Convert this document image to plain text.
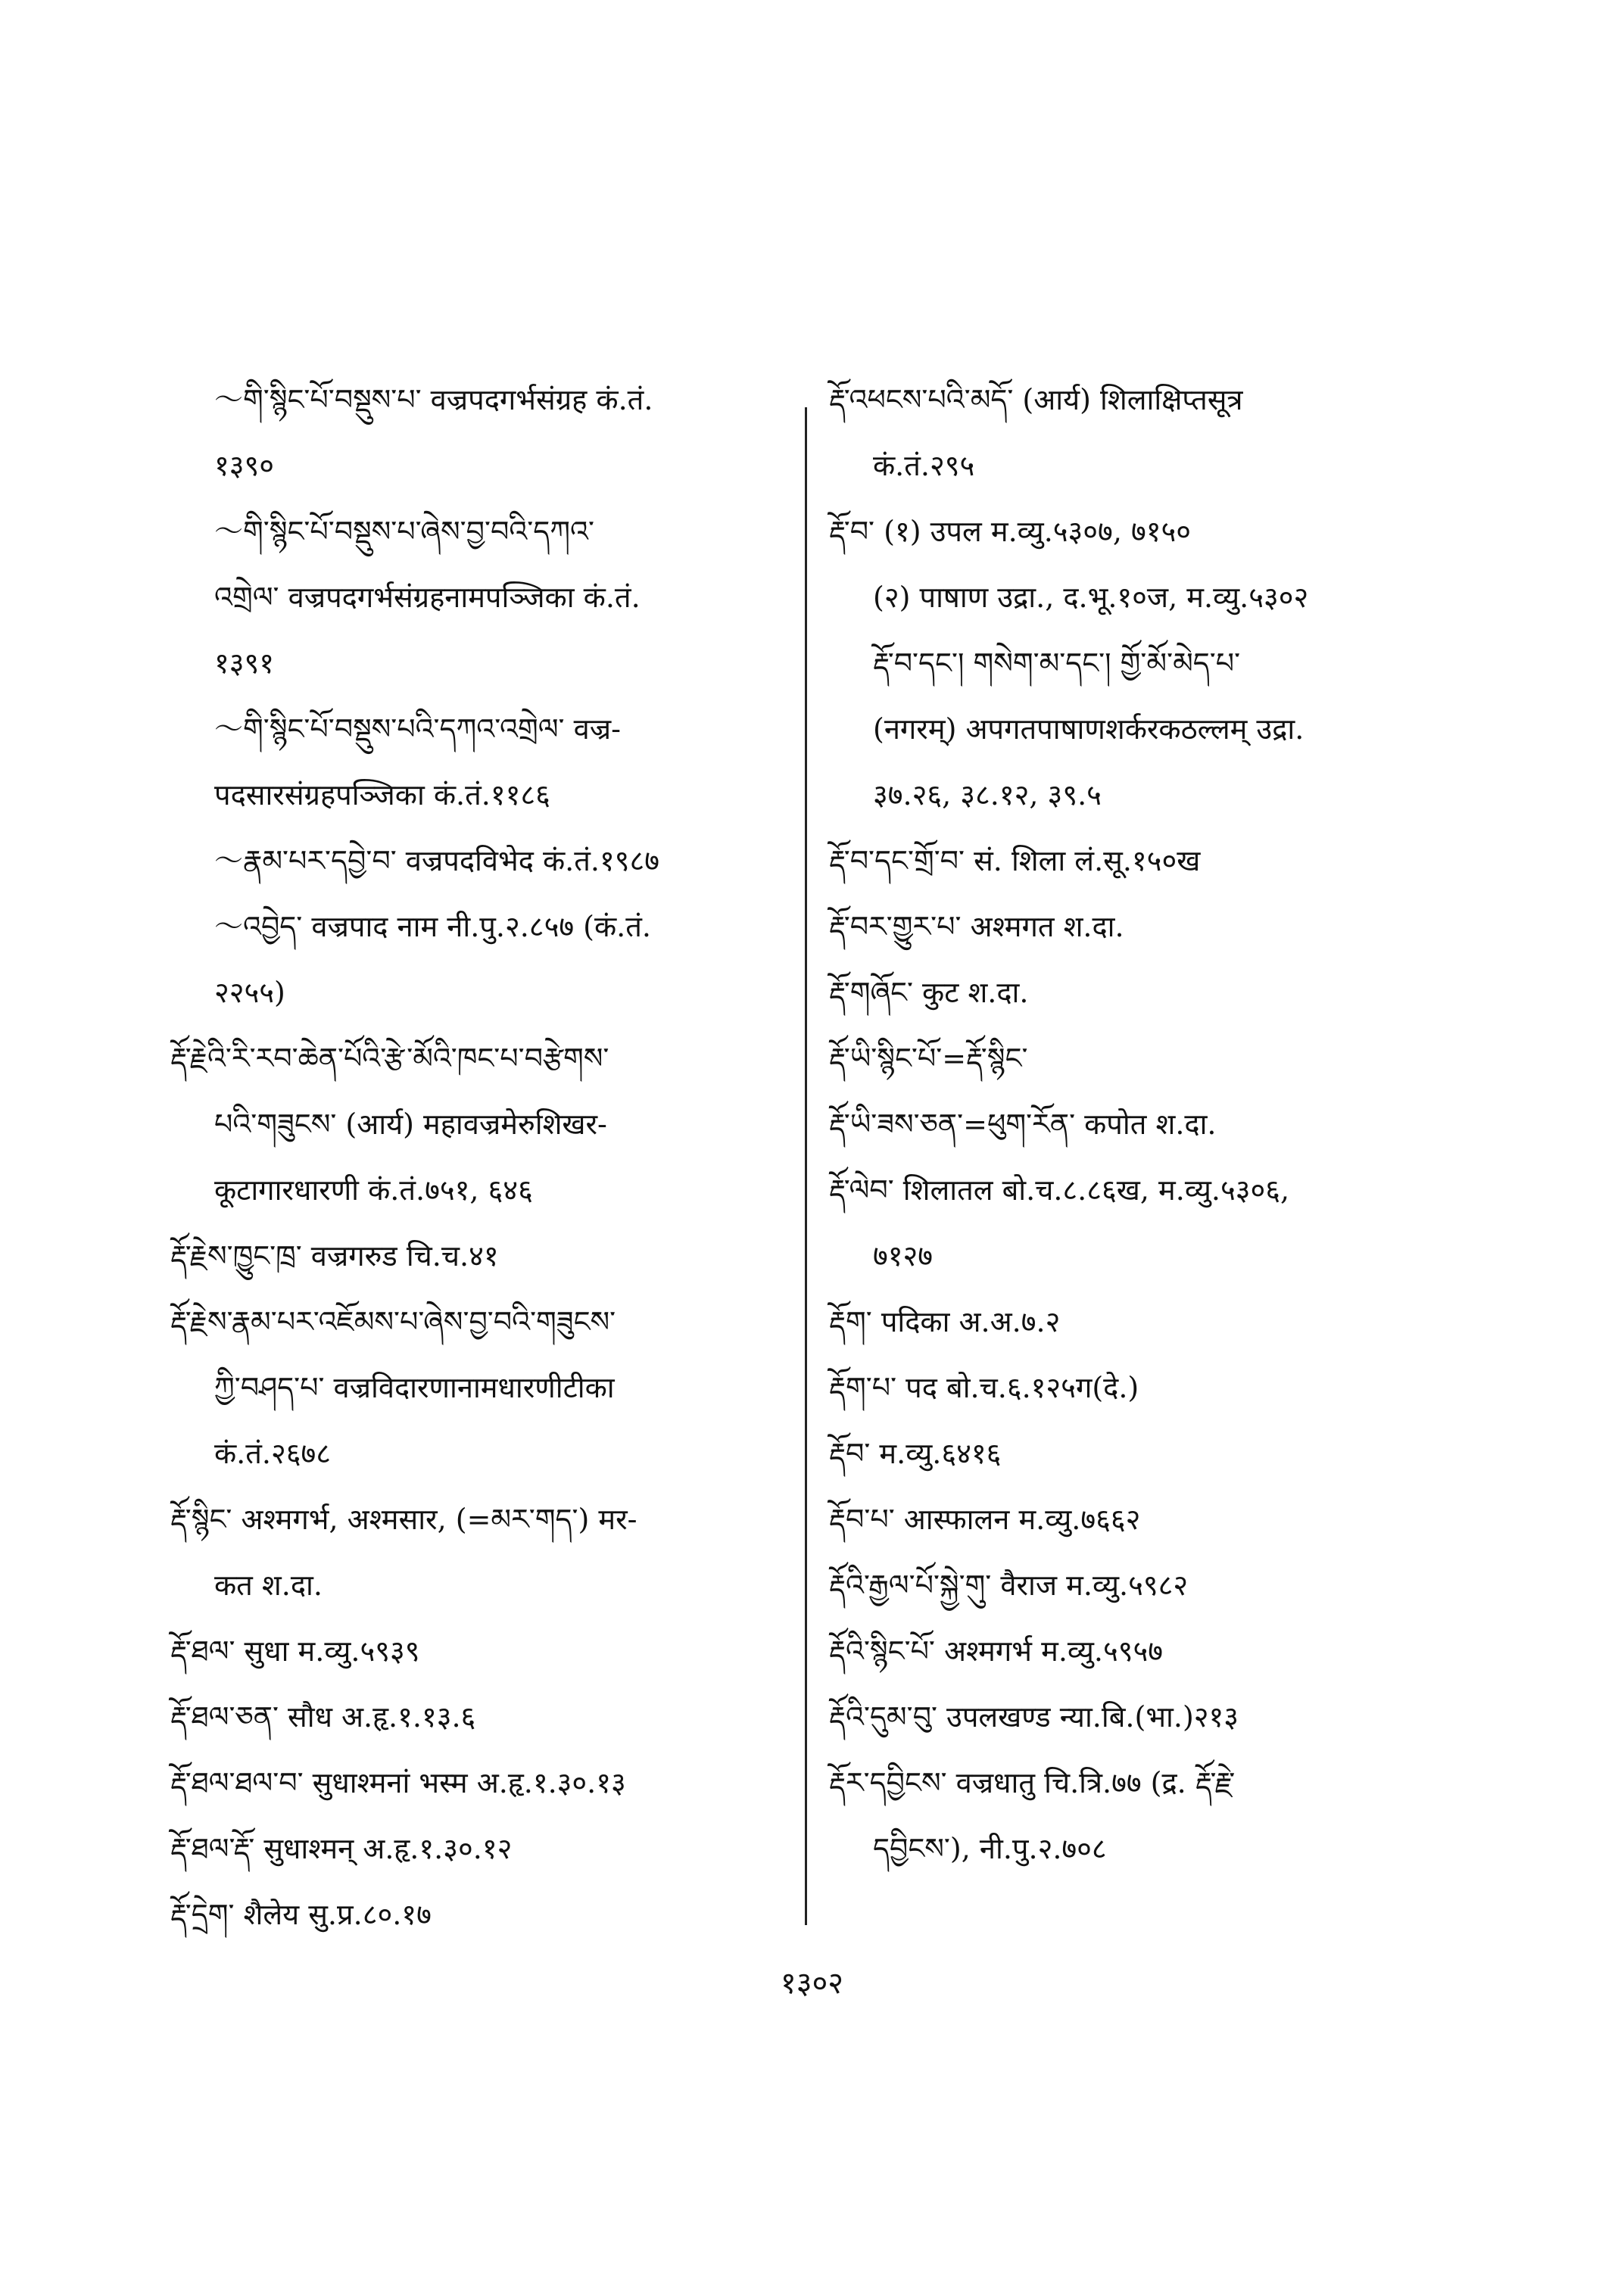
～གི་སྙིང་པོ་བསྡུས་པ་ वज्रपदगर्भसंग्रह कं.तं.
१३९०
～གི་སྙིང་པོ་བསྡུས་པ་ཞེས་བྱ་བའི་དཀའ་
འགྲེལ་ वज्रपदगर्भसंग्रहनामपञ्जिका कं.तं.
१३९१
～གི་སྙིང་པོ་བསྡུས་པའི་དཀའ་འགྲེལ་ वज्र-
पदसारसंग्रहपञ्जिका कं.तं.११८६
～རྣམ་པར་དབྱེ་བ་ वज्रपदविभेद कं.तं.१९८७
～འབྱེད་ वज्रपाद नाम नी.पु.२.८५७ (कं.तं.
२२५५)
རྡོ་རྗེའི་རི་རབ་ཆེན་པོའི་རྩེ་མོའི་ཁང་པ་བརྩེགས་
པའི་གཟུངས་ (आर्य) महावज्रमेरुशिखर-
कूटागारधारणी कं.तं.७५१, ६४६
རྡོ་རྗེས་ཁྱུང་ཁྲ་ वज्रगरुड चि.च.४१
རྡོ་རྗེས་རྣམ་པར་འཇོམས་པ་ཞེས་བྱ་བའི་གཟུངས་
ཀྱི་བཤད་པ་ वज्रविदारणानामधारणीटीका
कं.तं.२६७८
རྡོ་སྙིང་ अश्मगर्भ, अश्मसार, (=མར་གད་) मर-
कत श.दा.
རྡོ་ཐལ་ सुधा म.व्यु.५९३९
རྡོ་ཐལ་ཅན་ सौध अ.हृ.१.१३.६
རྡོ་ཐལ་ཐལ་བ་ सुधाश्मनां भस्म अ.हृ.१.३०.१३
རྡོ་ཐལ་རྡོ་ सुधाश्मन् अ.हृ.१.३०.१२
རྡོ་དྲེག་ शैलेय सु.प्र.८०.१७
རྡོ་འཕངས་པའི་མདོ་ (आर्य) शिलाक्षिप्तसूत्र
कं.तं.२९५
རྡོ་བ་ (१) उपल म.व्यु.५३०७, ७१५०
(२) पाषाण उद्रा., द.भू.१०ज, म.व्यु.५३०२
རྡོ་བ་དང་། གསེག་མ་དང་། གྱོ་མོ་མེད་པ་
(नगरम्) अपगतपाषाणशर्करकठल्लम् उद्रा.
३७.२६, ३८.१२, ३९.५
རྡོ་བ་དང་གྲོ་བ་ सं. शिला लं.सू.१५०ख
རྡོ་བར་གྱུར་པ་ अश्मगत श.दा.
རྡོ་གཞོང་ कुट श.दा.
རྡོ་ཡི་སྙིང་པོ་=རྡོ་སྙིང་
རྡོ་ཡི་ཟས་ཅན་=ཕུག་རོན་ कपोत श.दा.
རྡོ་ལེབ་ शिलातल बो.च.८.८६ख, म.व्यु.५३०६,
७१२७
རྡོག་ पदिका अ.अ.७.२
རྡོག་པ་ पद बो.च.६.१२५ग(दे.)
རྡོབ་ म.व्यु.६४१६
རྡོབ་པ་ आस्फालन म.व्यु.७६६२
རྡོའི་རྒྱལ་པོ་སྐྱེ་གུ་ वैराज म.व्यु.५९८२
རྡོའི་སྙིང་པོ་ अश्मगर्भ म.व्यु.५९५७
རྡོའི་དུམ་བུ་ उपलखण्ड न्या.बि.(भा.)२१३
རྡོར་དབྱིངས་ वज्रधातु चि.त्रि.७७ (द्र. རྡོ་རྗེ་
དབྱིངས་), नी.पु.२.७०८
१३०२
